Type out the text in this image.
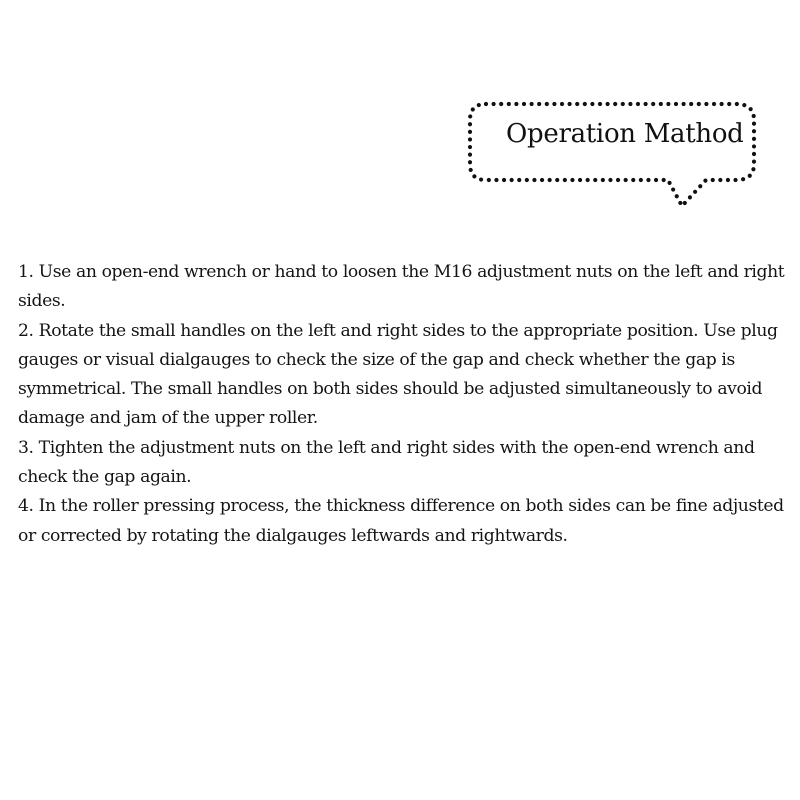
Operation Mathod

1. Use an open-end wrench or hand to loosen the M16 adjustment nuts on the left and right sides.

2. Rotate the small handles on the left and right sides to the appropriate position. Use plug gauges or visual dialgauges to check the size of the gap and check whether the gap is symmetrical. The small handles on both sides should be adjusted simultaneously to avoid damage and jam of the upper roller.

3. Tighten the adjustment nuts on the left and right sides with the open-end wrench and check the gap again.

4. In the roller pressing process, the thickness difference on both sides can be fine adjusted or corrected by rotating the dialgauges leftwards and rightwards.
